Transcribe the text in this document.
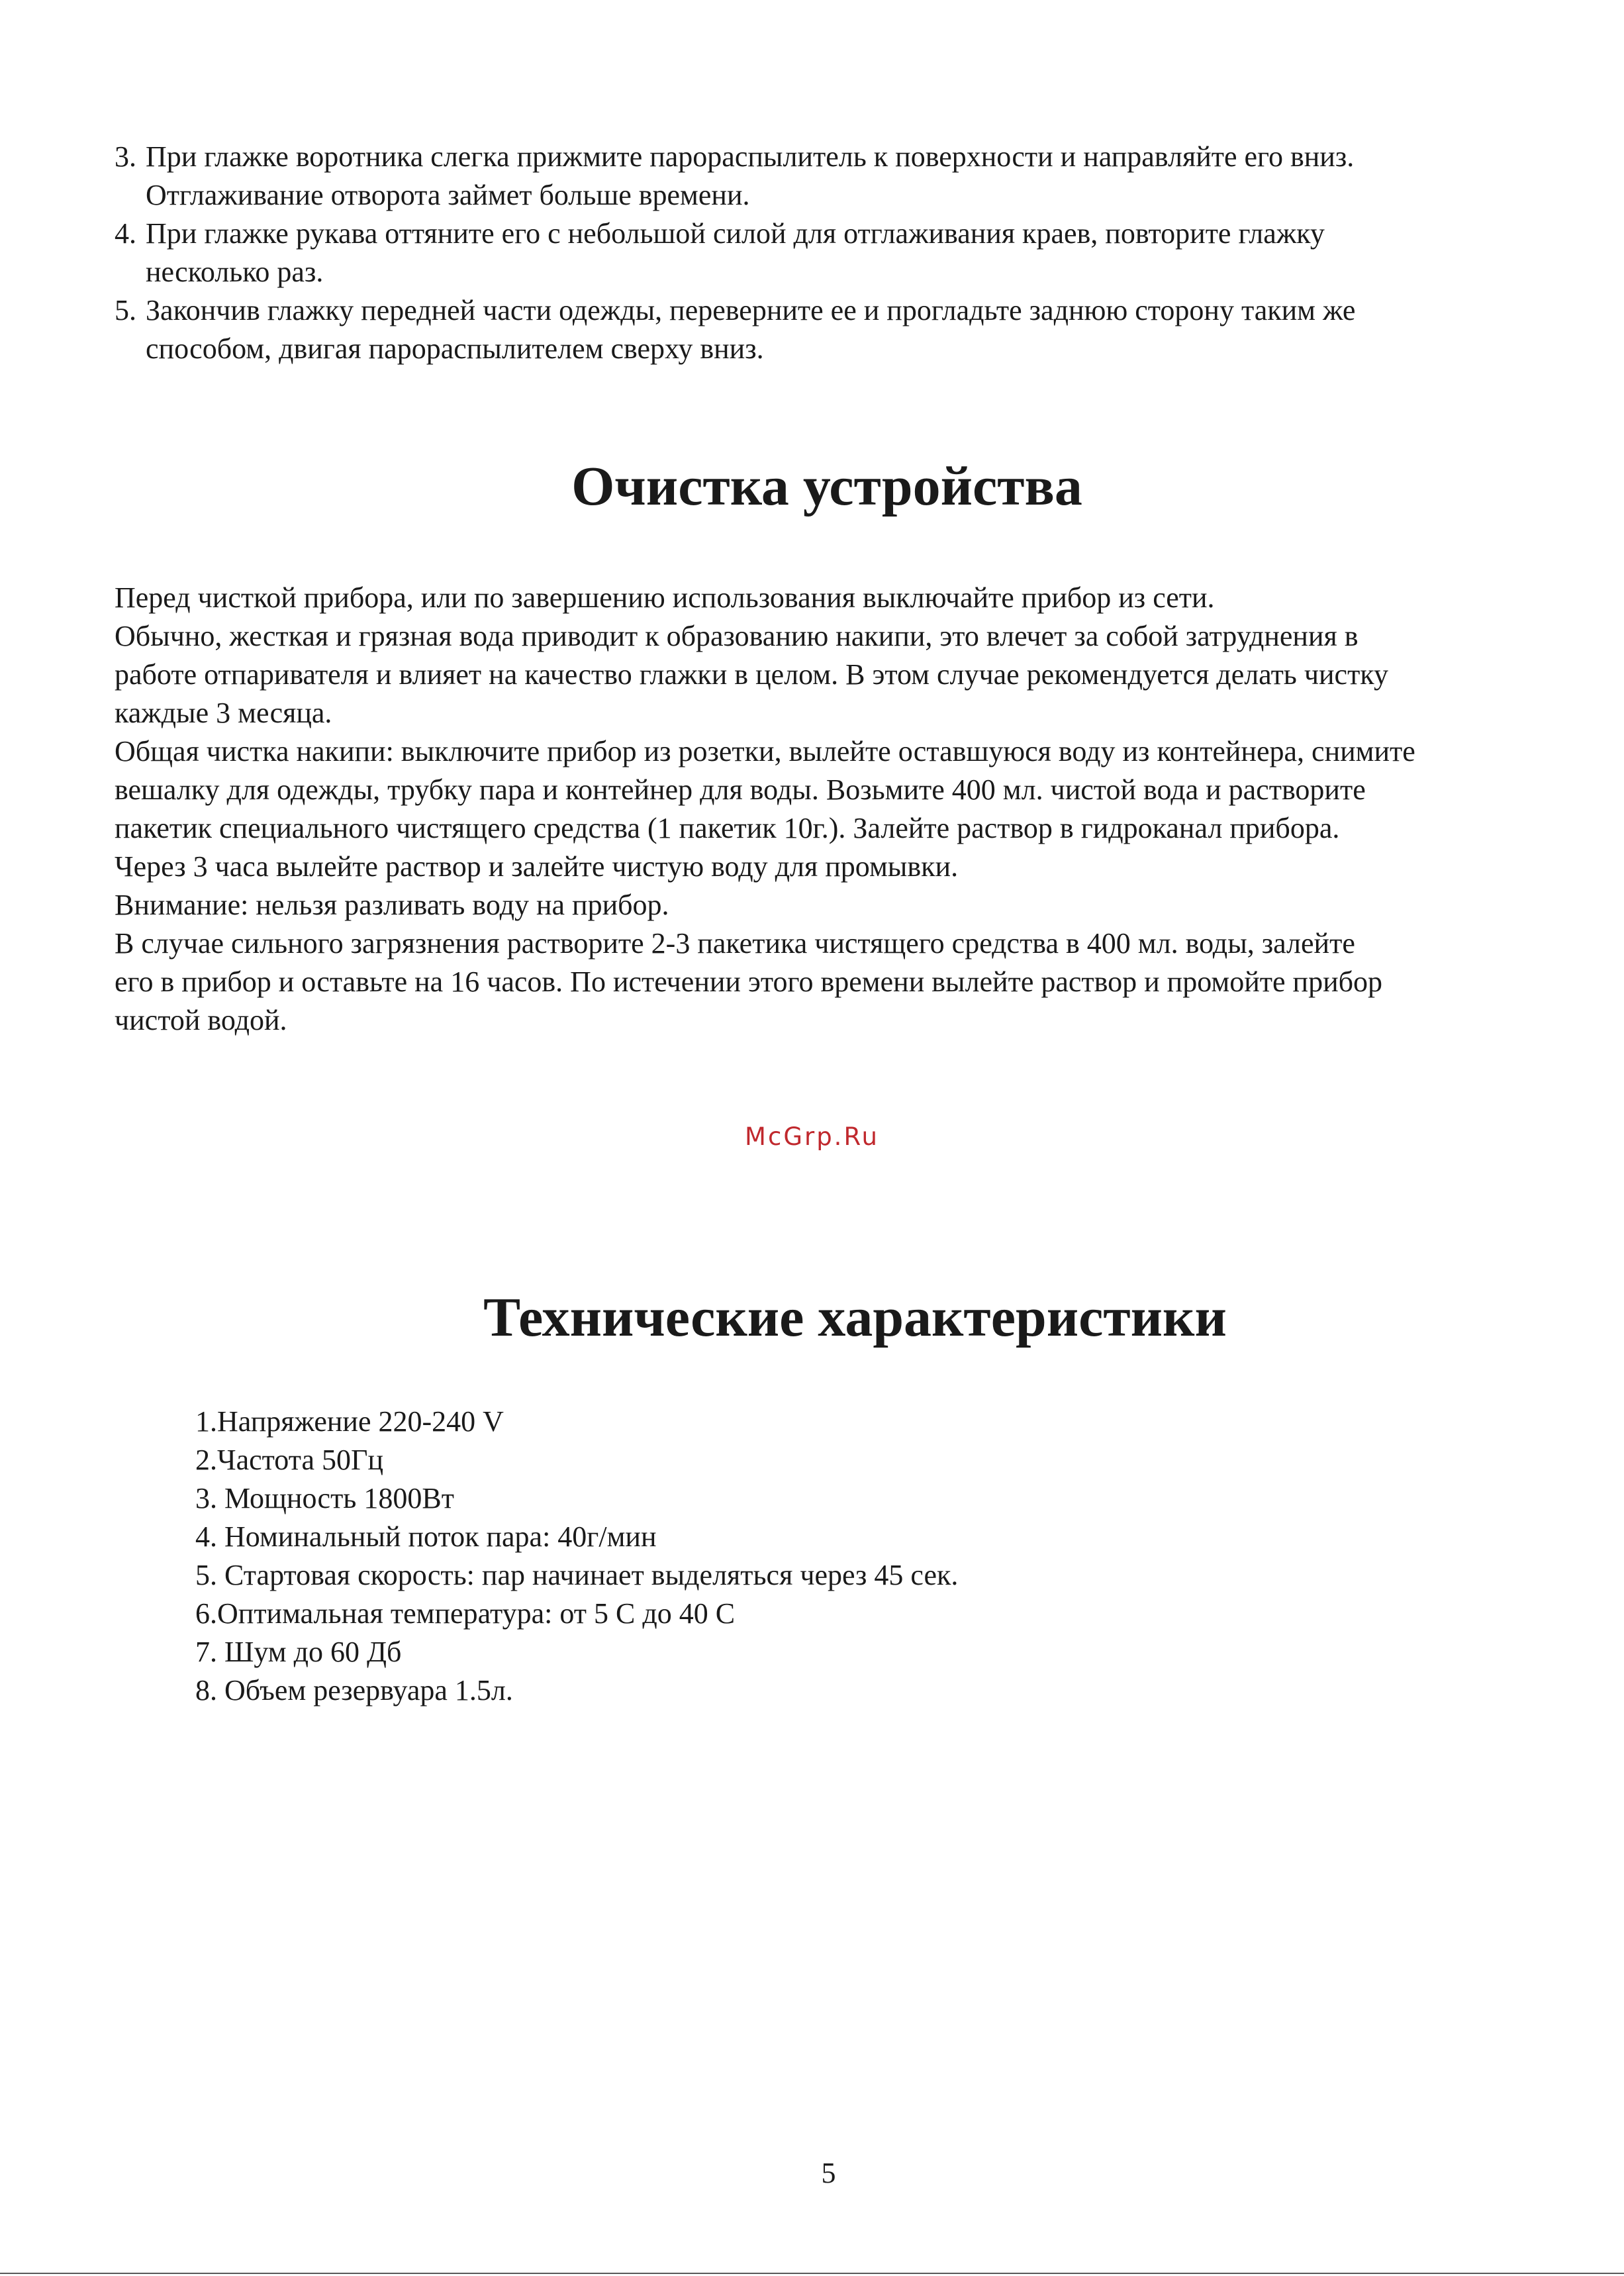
3. При глажке воротника слегка прижмите парораспылитель к поверхности и направляйте его вниз.
Отглаживание отворота займет больше времени.
4. При глажке рукава оттяните его с небольшой силой для отглаживания краев, повторите глажку
несколько раз.
5. Закончив глажку передней части одежды, переверните ее и прогладьте заднюю сторону таким же
способом, двигая парораспылителем сверху вниз.
Очистка устройства

Перед чисткой прибора, или по завершению использования выключайте прибор из сети.

Обычно, жесткая и грязная вода приводит к образованию накипи, это влечет за собой затруднения в

работе отпаривателя и влияет на качество глажки в целом. В этом случае рекомендуется делать чистку

каждые 3 месяца.

Общая чистка накипи: выключите прибор из розетки, вылейте оставшуюся воду из контейнера, снимите

вешалку для одежды, трубку пара и контейнер для воды. Возьмите 400 мл. чистой вода и растворите

пакетик специального чистящего средства (1 пакетик 10г.). Залейте раствор в гидроканал прибора.

Через 3 часа вылейте раствор и залейте чистую воду для промывки.

Внимание: нельзя разливать воду на прибор.

В случае сильного загрязнения растворите 2-3 пакетика чистящего средства в 400 мл. воды, залейте

его в прибор и оставьте на 16 часов. По истечении этого времени вылейте раствор и промойте прибор

чистой водой.

McGrp.Ru
Технические характеристики
1.Напряжение 220-240 V
2.Частота 50Гц
3. Мощность 1800Вт
4. Номинальный поток пара: 40г/мин
5. Стартовая скорость: пар начинает выделяться через 45 сек.
6.Оптимальная температура: от 5 С до 40 С
7. Шум до 60 Дб
8. Объем резервуара 1.5л.
5
